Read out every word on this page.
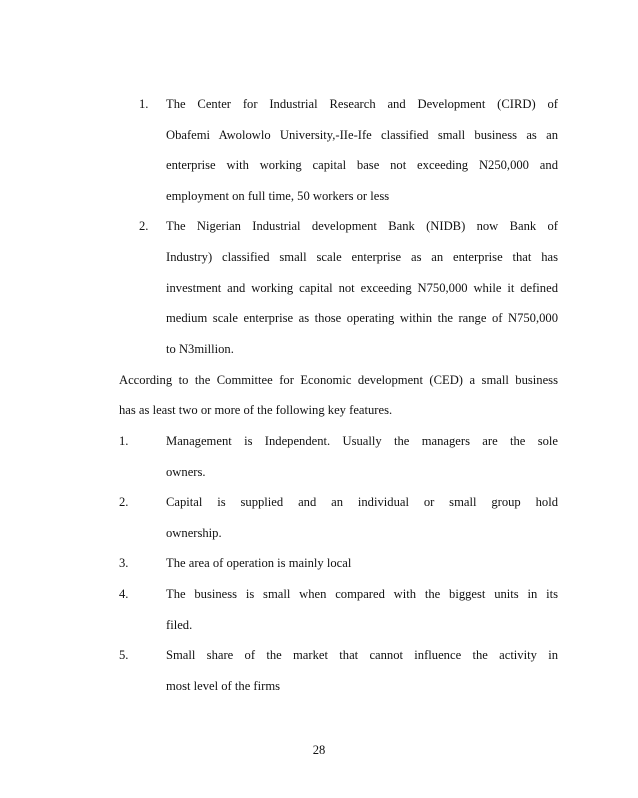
1. The Center for Industrial Research and Development (CIRD) of
Obafemi Awolowlo University,-IIe-Ife classified small business as an
enterprise with working capital base not exceeding N250,000 and
employment on full time, 50 workers or less
2. The Nigerian Industrial development Bank (NIDB) now Bank of
Industry) classified small scale enterprise as an enterprise that has
investment and working capital not exceeding N750,000 while it defined
medium scale enterprise as those operating within the range of N750,000
to N3million.
According to the Committee for Economic development (CED) a small business
has as least two or more of the following key features.
1.	Management is Independent. Usually the managers are the sole
owners.
2.	Capital is supplied and an individual or small group hold
ownership.
3.	The area of operation is mainly local
4.	The business is small when compared with the biggest units in its
filed.
5.	Small share of the market that cannot influence the activity in
most level of the firms
28
